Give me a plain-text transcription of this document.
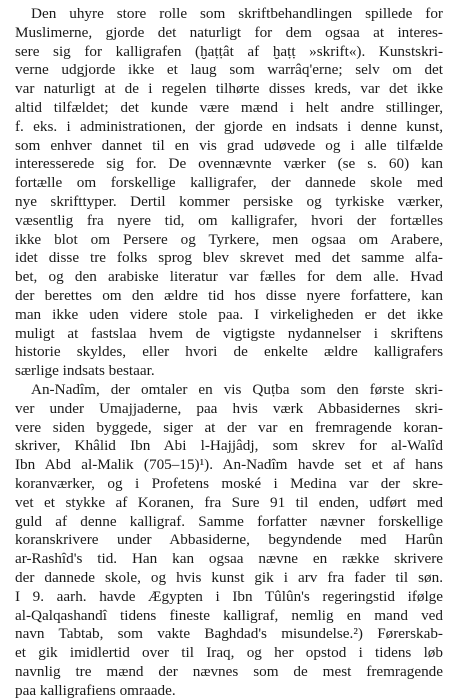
Den uhyre store rolle som skriftbehandlingen spillede for
Muslimerne, gjorde det naturligt for dem ogsaa at interes-
sere sig for kalligrafen (ḫaṭṭât af ḫaṭṭ »skrift«). Kunstskri-
verne udgjorde ikke et laug som warrâq'erne; selv om det
var naturligt at de i regelen tilhørte disses kreds, var det ikke
altid tilfældet; det kunde være mænd i helt andre stillinger,
f. eks. i administrationen, der gjorde en indsats i denne kunst,
som enhver dannet til en vis grad udøvede og i alle tilfælde
interesserede sig for. De ovennævnte værker (se s. 60) kan
fortælle om forskellige kalligrafer, der dannede skole med
nye skrifttyper. Dertil kommer persiske og tyrkiske værker,
væsentlig fra nyere tid, om kalligrafer, hvori der fortælles
ikke blot om Persere og Tyrkere, men ogsaa om Arabere,
idet disse tre folks sprog blev skrevet med det samme alfa-
bet, og den arabiske literatur var fælles for dem alle. Hvad
der berettes om den ældre tid hos disse nyere forfattere, kan
man ikke uden videre stole paa. I virkeligheden er det ikke
muligt at fastslaa hvem de vigtigste nydannelser i skriftens
historie skyldes, eller hvori de enkelte ældre kalligrafers
særlige indsats bestaar.

An-Nadîm, der omtaler en vis Quṭba som den første skri-
ver under Umajjaderne, paa hvis værk Abbasidernes skri-
vere siden byggede, siger at der var en fremragende koran-
skriver, Khâlid Ibn Abi l-Hajjâdj, som skrev for al-Walîd
Ibn Abd al-Malik (705–15)¹). An-Nadîm havde set et af hans
koranværker, og i Profetens moské i Medina var der skre-
vet et stykke af Koranen, fra Sure 91 til enden, udført med
guld af denne kalligraf. Samme forfatter nævner forskellige
koranskrivere under Abbasiderne, begyndende med Harûn
ar-Rashîd's tid. Han kan ogsaa nævne en række skrivere
der dannede skole, og hvis kunst gik i arv fra fader til søn.
I 9. aarh. havde Ægypten i Ibn Tûlûn's regeringstid ifølge
al-Qalqashandî tidens fineste kalligraf, nemlig en mand ved
navn Tabtab, som vakte Baghdad's misundelse.²) Førerskab-
et gik imidlertid over til Iraq, og her opstod i tidens løb
navnlig tre mænd der nævnes som de mest fremragende
paa kalligrafiens omraade.
